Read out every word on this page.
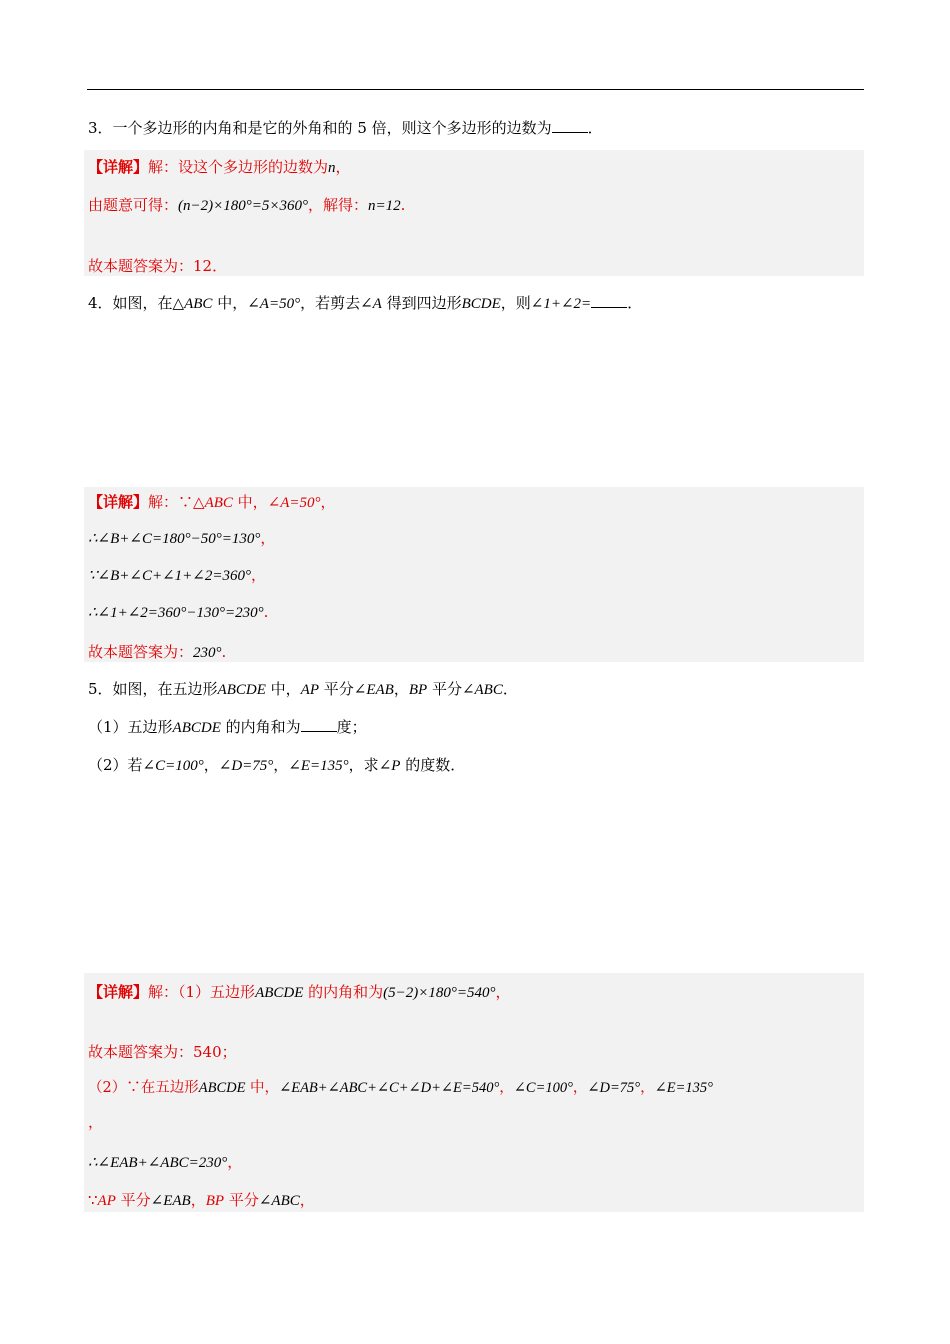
3．一个多边形的内角和是它的外角和的 5 倍，则这个多边形的边数为 ．
【详解】解：设这个多边形的边数为n，
由题意可得：(n−2)×180°=5×360°，解得：n=12.
故本题答案为：12．
4．如图，在△ABC 中，∠A=50°，若剪去∠A 得到四边形BCDE，则∠1+∠2= ．
【详解】解：∵△ABC 中，∠A=50°，
∴∠B+∠C=180°−50°=130°，
∵∠B+∠C+∠1+∠2=360°，
∴∠1+∠2=360°−130°=230°.
故本题答案为：230°.
5．如图，在五边形ABCDE 中，AP 平分∠EAB，BP 平分∠ABC．
（1）五边形ABCDE 的内角和为 度；
（2）若∠C=100°，∠D=75°，∠E=135°，求∠P 的度数．
【详解】解：（1）五边形ABCDE 的内角和为(5−2)×180°=540°，
故本题答案为：540；
（2）∵在五边形ABCDE 中，∠EAB+∠ABC+∠C+∠D+∠E=540°，∠C=100°，∠D=75°，∠E=135°
，
∴∠EAB+∠ABC=230°，
∵AP 平分∠EAB，BP 平分∠ABC，
